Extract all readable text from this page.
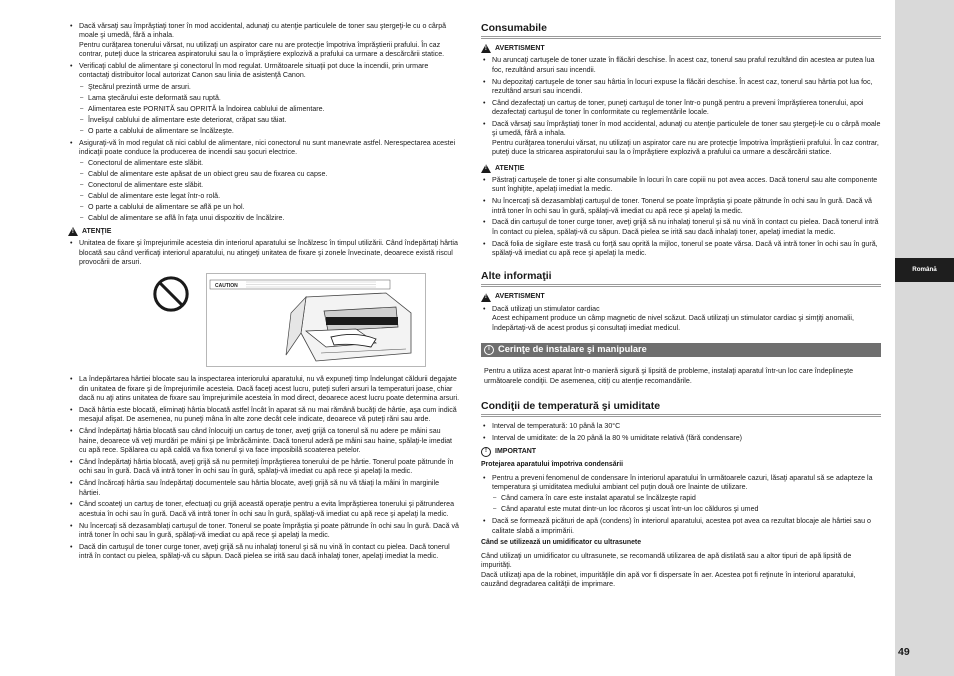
Română
49

• Dacă vărsaţi sau împrăştiaţi toner în mod accidental, adunaţi cu atenţie particulele de toner sau ştergeţi-le cu o cârpă moale şi umedă, fără a inhala.

Pentru curăţarea tonerului vărsat, nu utilizaţi un aspirator care nu are protecţie împotriva împrăştierii prafului. În caz contrar, puteţi duce la stricarea aspiratorului sau la o împrăştiere explozivă a prafului ca urmare a descărcării statice.

• Verificaţi cablul de alimentare şi conectorul în mod regulat. Următoarele situaţii pot duce la incendii, prin urmare contactaţi distribuitor local autorizat Canon sau linia de asistenţă Canon.

– Ştecărul prezintă urme de arsuri.
– Lama ştecărului este deformată sau ruptă.
– Alimentarea este PORNITĂ sau OPRITĂ la îndoirea cablului de alimentare.
– Învelişul cablului de alimentare este deteriorat, crăpat sau tăiat.
– O parte a cablului de alimentare se încălzeşte.

• Asiguraţi-vă în mod regulat că nici cablul de alimentare, nici conectorul nu sunt manevrate astfel. Nerespectarea acestei indicaţii poate conduce la producerea de incendii sau şocuri electrice.

– Conectorul de alimentare este slăbit.
– Cablul de alimentare este apăsat de un obiect greu sau de fixarea cu capse.
– Conectorul de alimentare este slăbit.
– Cablul de alimentare este legat într-o rolă.
– O parte a cablului de alimentare se află pe un hol.
– Cablul de alimentare se află în faţa unui dispozitiv de încălzire.
!
ATENŢIE
• Unitatea de fixare şi împrejurimile acesteia din interiorul aparatului se încălzesc în timpul utilizării. Când îndepărtaţi hârtia blocată sau când verificaţi interiorul aparatului, nu atingeţi unitatea de fixare şi zonele învecinate, deoarece există riscul provocării de arsuri.
CAUTION
• La îndepărtarea hârtiei blocate sau la inspectarea interiorului aparatului, nu vă expuneţi timp îndelungat căldurii degajate din unitatea de fixare şi de împrejurimile acesteia. Dacă faceţi acest lucru, puteţi suferi arsuri la temperaturi joase, chiar dacă nu aţi atins unitatea de fixare sau împrejurimile acesteia în mod direct, deoarece acest lucru poate determina arsuri.
• Dacă hârtia este blocată, eliminaţi hârtia blocată astfel încât în aparat să nu mai rămână bucăţi de hârtie, aşa cum indică mesajul afişat. De asemenea, nu puneţi mâna în alte zone decât cele indicate, deoarece vă puteţi răni sau arde.
• Când îndepărtaţi hârtia blocată sau când înlocuiţi un cartuş de toner, aveţi grijă ca tonerul să nu adere pe mâini sau haine, deoarece vă veţi murdări pe mâini şi pe îmbrăcăminte. Dacă tonerul aderă pe mâini sau haine, spălaţi-le imediat cu apă rece. Spălarea cu apă caldă va fixa tonerul şi va face imposibilă scoaterea petelor.
• Când îndepărtaţi hârtia blocată, aveţi grijă să nu permiteţi împrăştierea tonerului de pe hârtie. Tonerul poate pătrunde în ochi sau în gură. Dacă vă intră toner în ochi sau în gură, spălaţi-vă imediat cu apă rece şi apelaţi la medic.
• Când încărcaţi hârtia sau îndepărtaţi documentele sau hârtia blocate, aveţi grijă să nu vă tăiaţi la mâini în marginile hârtiei.
• Când scoateţi un cartuş de toner, efectuaţi cu grijă această operaţie pentru a evita împrăştierea tonerului şi pătrunderea acestuia în ochi sau în gură. Dacă vă intră toner în ochi sau în gură, spălaţi-vă imediat cu apă rece şi apelaţi la medic.
• Nu încercaţi să dezasamblaţi cartuşul de toner. Tonerul se poate împrăştia şi poate pătrunde în ochi sau în gură. Dacă vă intră toner în ochi sau în gură, spălaţi-vă imediat cu apă rece şi apelaţi la medic.
• Dacă din cartuşul de toner curge toner, aveţi grijă să nu inhalaţi tonerul şi să nu vină în contact cu pielea. Dacă tonerul intră în contact cu pielea, spălaţi-vă cu săpun. Dacă pielea se irită sau dacă inhalaţi toner, apelaţi imediat la medic.
Consumabile
!
AVERTISMENT
• Nu aruncaţi cartuşele de toner uzate în flăcări deschise. În acest caz, tonerul sau praful rezultând din acestea ar putea lua foc, rezultând arsuri sau incendii.
• Nu depozitaţi cartuşele de toner sau hârtia în locuri expuse la flăcări deschise. În acest caz, tonerul sau hârtia pot lua foc, rezultând arsuri sau incendii.
• Când dezafectaţi un cartuş de toner, puneţi cartuşul de toner într-o pungă pentru a preveni împrăştierea tonerului, apoi dezafectaţi cartuşul de toner în conformitate cu reglementările locale.

• Dacă vărsaţi sau împrăştiaţi toner în mod accidental, adunaţi cu atenţie particulele de toner sau ştergeţi-le cu o cârpă moale şi umedă, fără a inhala.

Pentru curăţarea tonerului vărsat, nu utilizaţi un aspirator care nu are protecţie împotriva împrăştierii prafului. În caz contrar, puteţi duce la stricarea aspiratorului sau la o împrăştiere explozivă a prafului ca urmare a descărcării statice.

!
ATENŢIE
• Păstraţi cartuşele de toner şi alte consumabile în locuri în care copiii nu pot avea acces. Dacă tonerul sau alte componente sunt înghiţite, apelaţi imediat la medic.
• Nu încercaţi să dezasamblaţi cartuşul de toner. Tonerul se poate împrăştia şi poate pătrunde în ochi sau în gură. Dacă vă intră toner în ochi sau în gură, spălaţi-vă imediat cu apă rece şi apelaţi la medic.
• Dacă din cartuşul de toner curge toner, aveţi grijă să nu inhalaţi tonerul şi să nu vină în contact cu pielea. Dacă tonerul intră în contact cu pielea, spălaţi-vă cu săpun. Dacă pielea se irită sau dacă inhalaţi toner, apelaţi imediat la medic.
• Dacă folia de sigilare este trasă cu forţă sau oprită la mijloc, tonerul se poate vărsa. Dacă vă intră toner în ochi sau în gură, spălaţi-vă imediat cu apă rece şi apelaţi la medic.
Alte informaţii
!
AVERTISMENT

• Dacă utilizaţi un stimulator cardiac

Acest echipament produce un câmp magnetic de nivel scăzut. Dacă utilizaţi un stimulator cardiac şi simţiţi anomalii, îndepărtaţi-vă de acest produs şi consultaţi imediat medicul.

i Cerinţe de instalare şi manipulare

Pentru a utiliza acest aparat într-o manieră sigură şi lipsită de probleme, instalaţi aparatul într-un loc care îndeplineşte următoarele condiţii. De asemenea, citiţi cu atenţie recomandările.

Condiţii de temperatură şi umiditate
• Interval de temperatură: 10 până la 30°C
• Interval de umiditate: de la 20 până la 80 % umiditate relativă (fără condensare)
!	IMPORTANT
Protejarea aparatului împotriva condensării

• Pentru a preveni fenomenul de condensare în interiorul aparatului în următoarele cazuri, lăsaţi aparatul să se adapteze la temperatura şi umiditatea mediului ambiant cel puţin două ore înainte de utilizare.

– Când camera în care este instalat aparatul se încălzeşte rapid
– Când aparatul este mutat dintr-un loc răcoros şi uscat într-un loc călduros şi umed
• Dacă se formează picături de apă (condens) în interiorul aparatului, acestea pot avea ca rezultat blocaje ale hârtiei sau o calitate slabă a imprimării.
Când se utilizează un umidificator cu ultrasunete

Când utilizaţi un umidificator cu ultrasunete, se recomandă utilizarea de apă distilată sau a altor tipuri de apă lipsită de impurităţi.

Dacă utilizaţi apa de la robinet, impurităţile din apă vor fi dispersate în aer. Acestea pot fi reţinute în interiorul aparatului, cauzând degradarea calităţii de imprimare.
